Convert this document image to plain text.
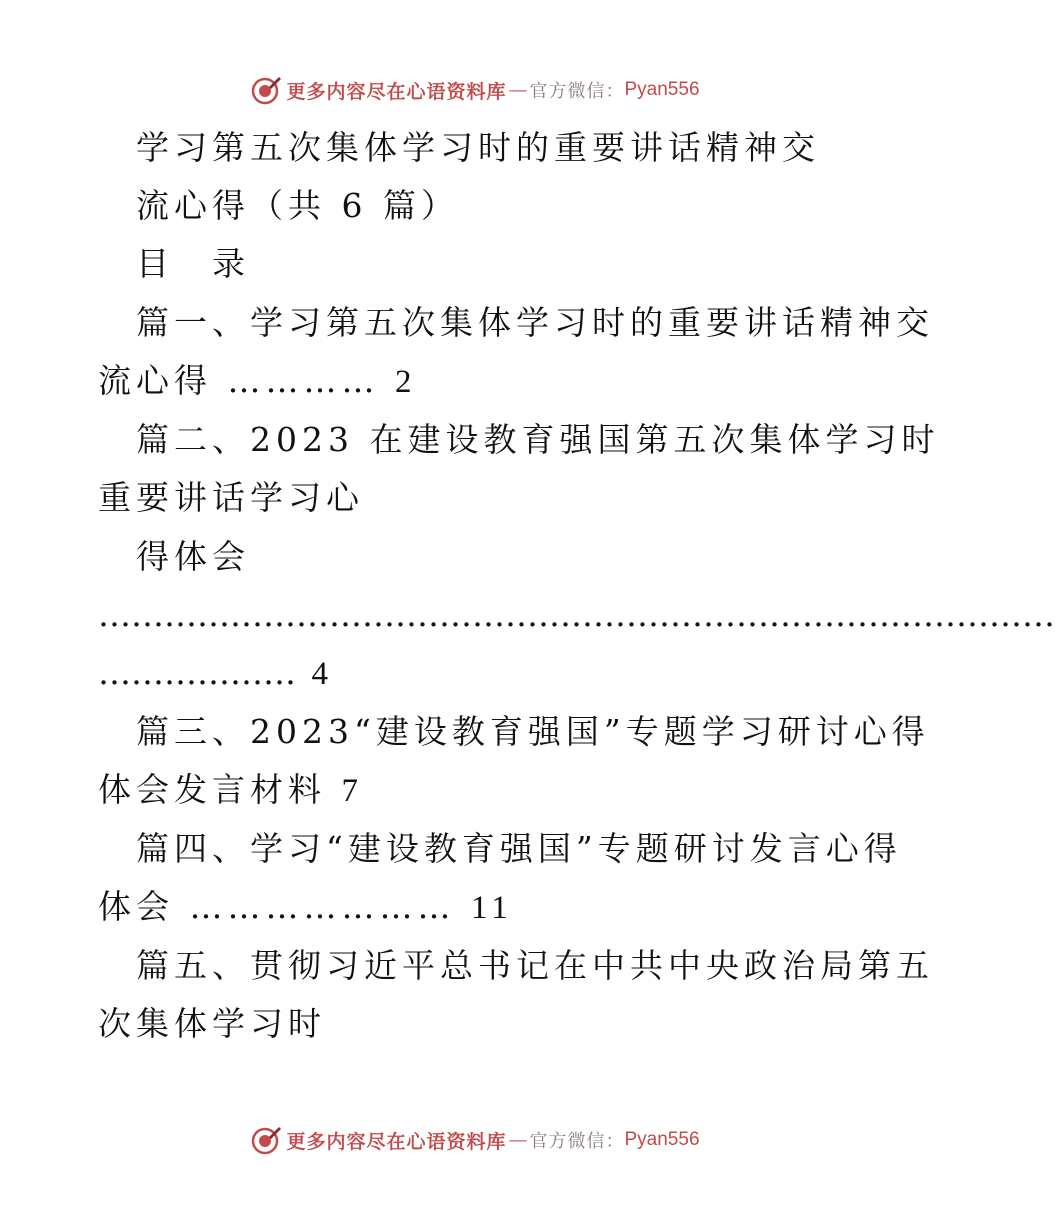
更多内容尽在心语资料库 — 官方微信： Pyan556
学习第五次集体学习时的重要讲话精神交
流心得（共 6 篇）
目　录
篇一、学习第五次集体学习时的重要讲话精神交
流心得 ………… 2
篇二、2023 在建设教育强国第五次集体学习时
重要讲话学习心
得体会
……………………………………………………………………………
……………… 4
篇三、2023“建设教育强国”专题学习研讨心得
体会发言材料 7
篇四、学习“建设教育强国”专题研讨发言心得
体会 ………………… 11
篇五、贯彻习近平总书记在中共中央政治局第五
次集体学习时
更多内容尽在心语资料库 — 官方微信： Pyan556
